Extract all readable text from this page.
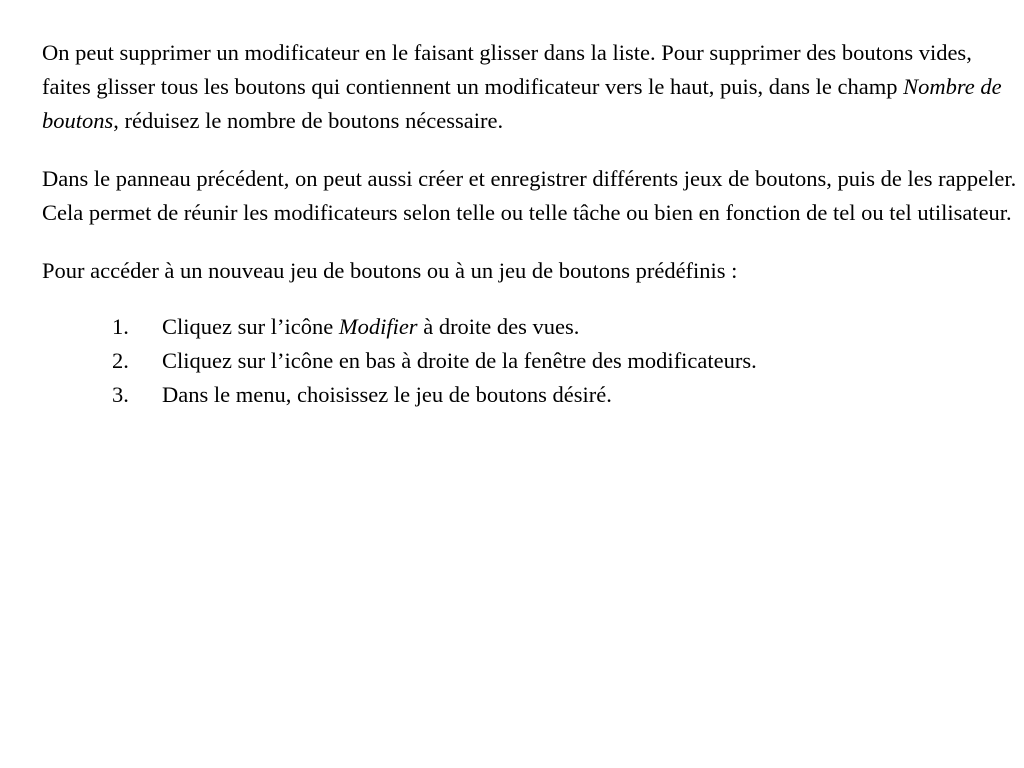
On peut supprimer un modificateur en le faisant glisser dans la liste. Pour supprimer des boutons vides, faites glisser tous les boutons qui contiennent un modificateur vers le haut, puis, dans le champ Nombre de boutons, réduisez le nombre de boutons nécessaire.

Dans le panneau précédent, on peut aussi créer et enregistrer différents jeux de boutons, puis de les rappeler. Cela permet de réunir les modificateurs selon telle ou telle tâche ou bien en fonction de tel ou tel utilisateur.

Pour accéder à un nouveau jeu de boutons ou à un jeu de boutons prédéfinis :

1. Cliquez sur l’icône Modifier à droite des vues.
2. Cliquez sur l’icône en bas à droite de la fenêtre des modificateurs.
3. Dans le menu, choisissez le jeu de boutons désiré.
